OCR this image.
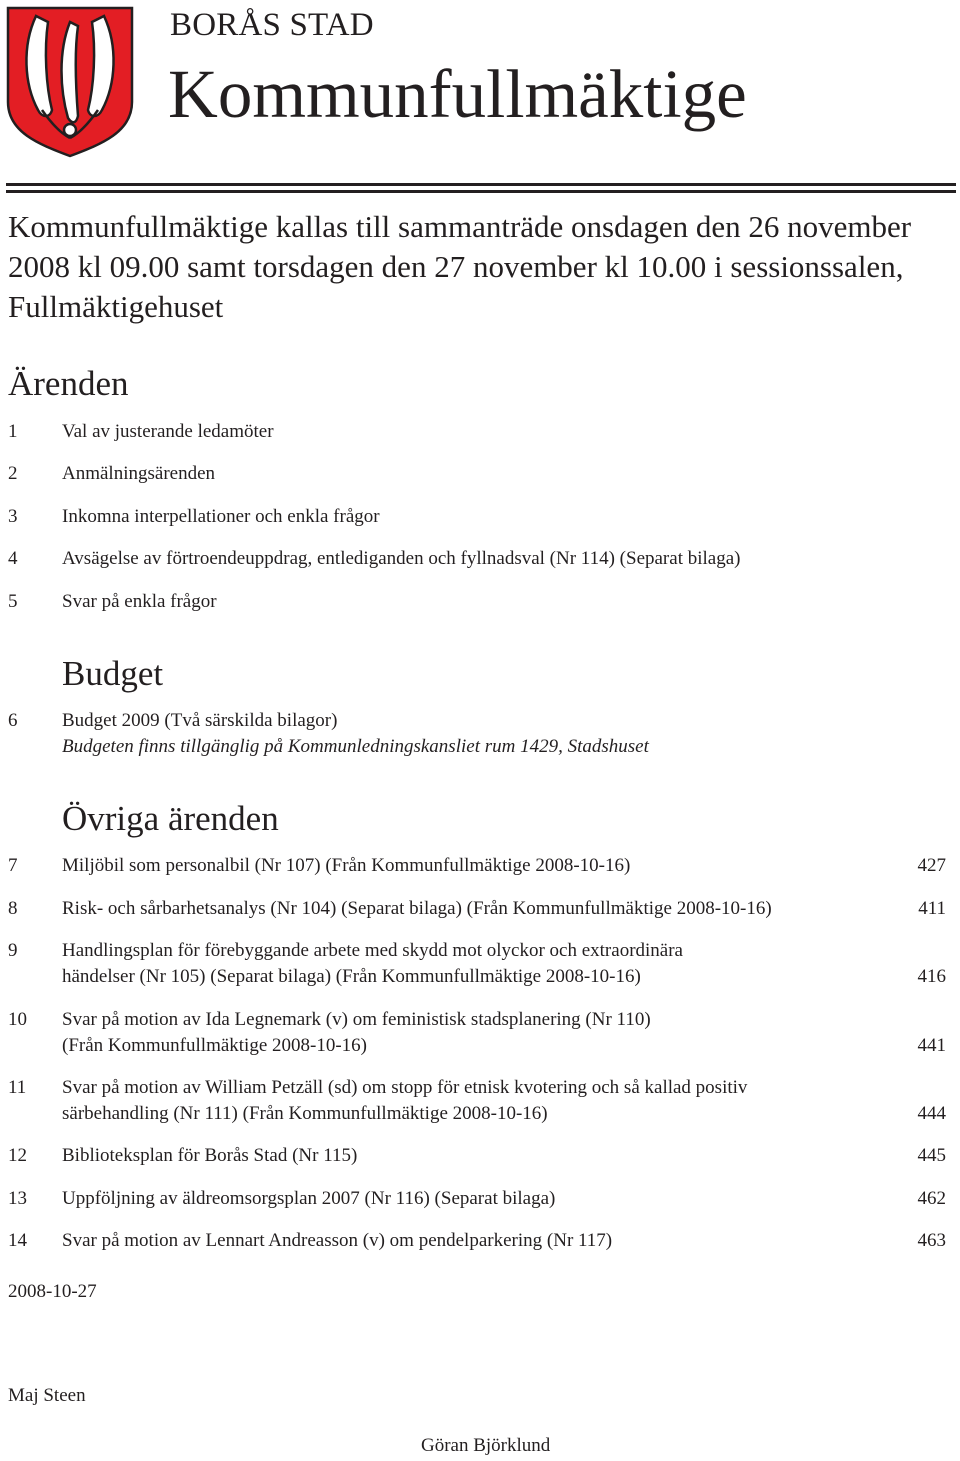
BORÅS STAD
Kommunfullmäktige
Kommunfullmäktige kallas till sammanträde onsdagen den 26 november 2008 kl 09.00 samt torsdagen den 27 november kl 10.00 i sessionssalen, Fullmäktigehuset
Ärenden
1 Val av justerande ledamöter
2 Anmälningsärenden
3 Inkomna interpellationer och enkla frågor
4 Avsägelse av förtroendeuppdrag, entlediganden och fyllnadsval (Nr 114) (Separat bilaga)
5 Svar på enkla frågor
Budget
6 Budget 2009 (Två särskilda bilagor)
Budgeten finns tillgänglig på Kommunledningskansliet rum 1429, Stadshuset
Övriga ärenden
7 Miljöbil som personalbil (Nr 107) (Från Kommunfullmäktige 2008-10-16)	427
8 Risk- och sårbarhetsanalys (Nr 104) (Separat bilaga) (Från Kommunfullmäktige 2008-10-16)	411
9 Handlingsplan för förebyggande arbete med skydd mot olyckor och extraordinära
händelser (Nr 105) (Separat bilaga) (Från Kommunfullmäktige 2008-10-16)	416
10 Svar på motion av Ida Legnemark (v) om feministisk stadsplanering (Nr 110)
(Från Kommunfullmäktige 2008-10-16)	441
11 Svar på motion av William Petzäll (sd) om stopp för etnisk kvotering och så kallad positiv
särbehandling (Nr 111) (Från Kommunfullmäktige 2008-10-16)	444
12 Biblioteksplan för Borås Stad (Nr 115)	445
13 Uppföljning av äldreomsorgsplan 2007 (Nr 116) (Separat bilaga)	462
14 Svar på motion av Lennart Andreasson (v) om pendelparkering (Nr 117)	463
2008-10-27
Maj Steen
Göran Björklund
